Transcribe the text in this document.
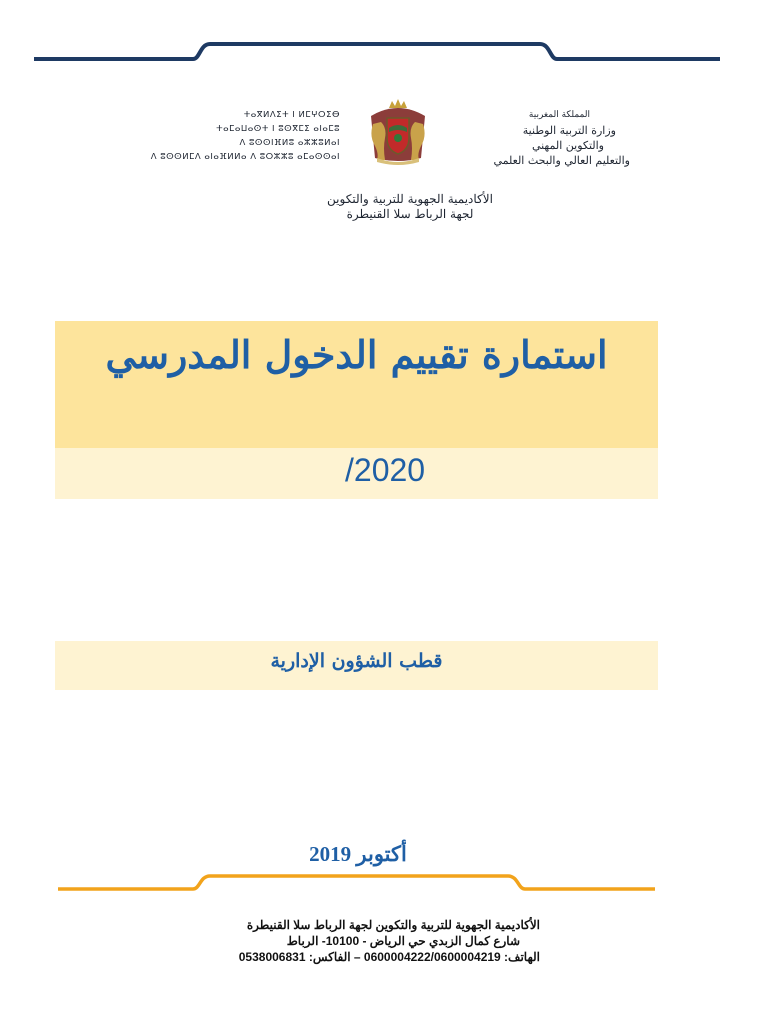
ⵜⴰⴳⵍⴷⵉⵜ ⵏ ⵍⵎⵖⵔⵉⴱ
ⵜⴰⵎⴰⵡⴰⵙⵜ ⵏ ⵓⵙⴳⵎⵉ ⴰⵏⴰⵎⵓ
ⴷ ⵓⵙⵙⵏⴼⵍⵓ ⴰⵣⵣⵓⵍⴰⵏ
ⴷ ⵓⵙⵙⵍⵎⴷ ⴰⵏⴰⴼⵍⵍⴰ ⴷ ⵓⵔⵣⵣⵓ ⴰⵎⴰⵙⵙⴰⵏ
المملكة المغربية
وزارة التربية الوطنية
والتكوين المهني
والتعليم العالي والبحث العلمي
الأكاديمية الجهوية للتربية والتكوين
لجهة الرباط سلا القنيطرة
استمارة تقييم الدخول المدرسي
/2020
قطب الشؤون الإدارية
أكتوبر 2019
الأكاديمية الجهوية للتربية والتكوين لجهة الرباط سلا القنيطرة
شارع كمال الزبدي حي الرياض - 10100- الرباط
الهاتف: 0600004222/0600004219 – الفاكس: 0538006831
